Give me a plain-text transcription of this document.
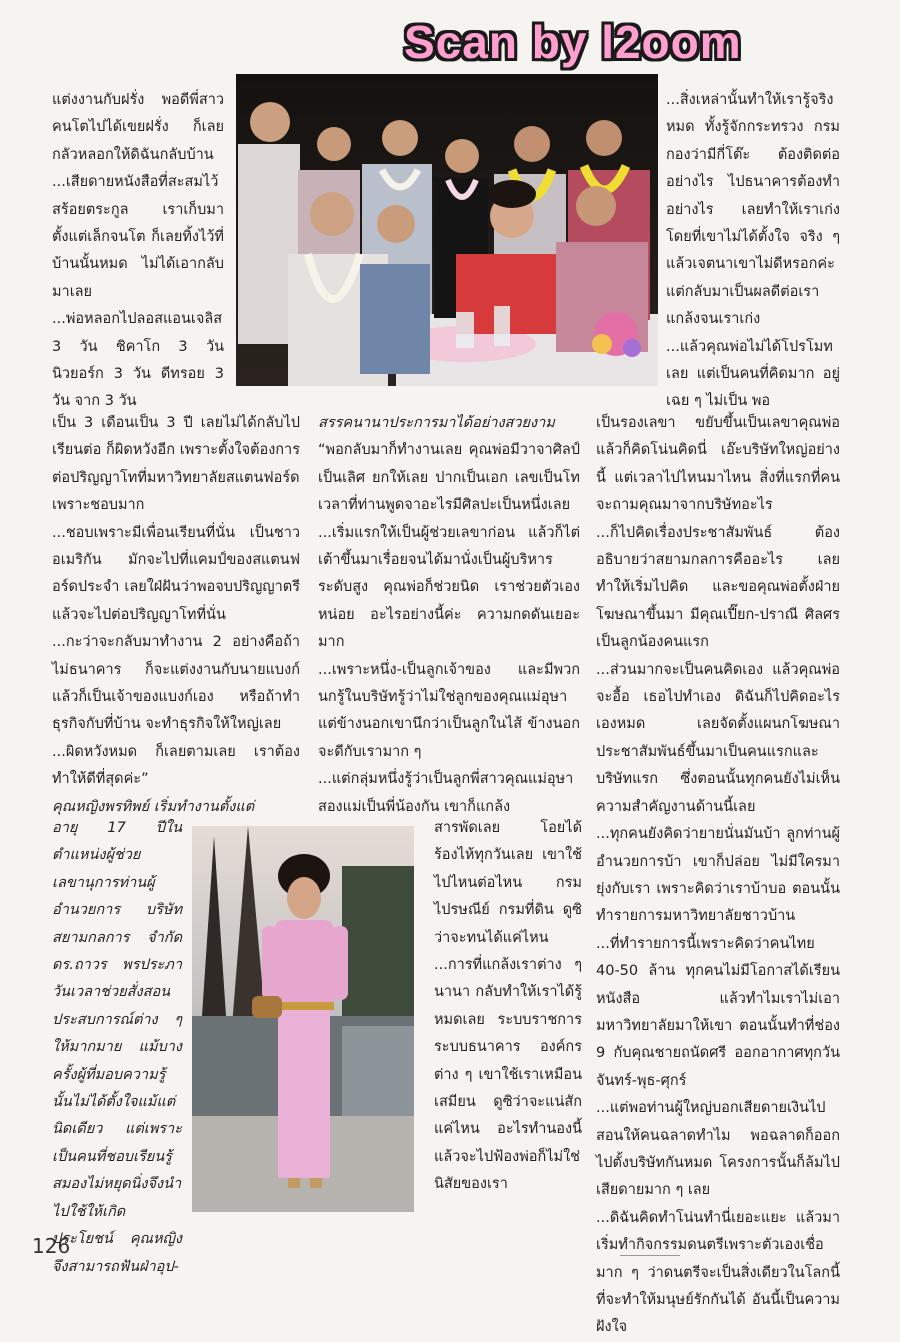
Scan by l2oom

แต่งงานกับฝรั่ง พอดีพี่สาวคนโตไปได้เขยฝรั่ง ก็เลยกลัวหลอกให้ดิฉันกลับบ้าน

...เสียดายหนังสือที่สะสมไว้ สร้อยตระกูล เราเก็บมาตั้งแต่เล็กจนโต ก็เลยทิ้งไว้ที่บ้านนั้นหมด ไม่ได้เอากลับมาเลย

...พ่อหลอกไปลอสแอนเจลิส 3 วัน ชิคาโก 3 วัน นิวยอร์ก 3 วัน ดีทรอย 3 วัน จาก 3 วัน

เป็น 3 เดือนเป็น 3 ปี เลยไม่ได้กลับไปเรียนต่อ ก็ผิดหวังอีก เพราะตั้งใจต้องการต่อปริญญาโทที่มหาวิทยาลัยสแตนฟอร์ด เพราะชอบมาก

...ชอบเพราะมีเพื่อนเรียนที่นั่น เป็นชาวอเมริกัน มักจะไปที่แคมป์ของสแตนฟอร์ดประจำ เลยใฝ่ฝันว่าพอจบปริญญาตรีแล้วจะไปต่อปริญญาโทที่นั่น

...กะว่าจะกลับมาทำงาน 2 อย่างคือถ้าไม่ธนาคาร ก็จะแต่งงานกับนายแบงก์ แล้วก็เป็นเจ้าของแบงก์เอง หรือถ้าทำธุรกิจกับที่บ้าน จะทำธุรกิจให้ใหญ่เลย

...ผิดหวังหมด ก็เลยตามเลย เราต้องทำให้ดีที่สุดค่ะ”

คุณหญิงพรทิพย์ เริ่มทำงานตั้งแต่

อายุ 17 ปีในตำแหน่งผู้ช่วยเลขานุการท่านผู้อำนวยการ บริษัทสยามกลการ จำกัด ดร.ถาวร พรประภา วันเวลาช่วยสั่งสอนประสบการณ์ต่าง ๆ ให้มากมาย แม้บางครั้งผู้ที่มอบความรู้นั้นไม่ได้ตั้งใจแม้แต่นิดเดียว แต่เพราะเป็นคนที่ชอบเรียนรู้ สมองไม่หยุดนิ่งจึงนำไปใช้ให้เกิดประโยชน์ คุณหญิงจึงสามารถฟันฝ่าอุป-

สรรคนานาประการมาได้อย่างสวยงาม

“พอกลับมาก็ทำงานเลย คุณพ่อมีวาจาศิลป์เป็นเลิศ ยกให้เลย ปากเป็นเอก เลขเป็นโท เวลาที่ท่านพูดจาอะไรมีศิลปะเป็นหนึ่งเลย

...เริ่มแรกให้เป็นผู้ช่วยเลขาก่อน แล้วก็ไต่เต้าขึ้นมาเรื่อยจนได้มานั่งเป็นผู้บริหารระดับสูง คุณพ่อก็ช่วยนิด เราช่วยตัวเองหน่อย อะไรอย่างนี้ค่ะ ความกดดันเยอะมาก

...เพราะหนึ่ง-เป็นลูกเจ้าของ และมีพวกนกรู้ในบริษัทรู้ว่าไม่ใช่ลูกของคุณแม่อุษา แต่ข้างนอกเขานึกว่าเป็นลูกในไส้ ข้างนอกจะดีกับเรามาก ๆ

...แต่กลุ่มหนึ่งรู้ว่าเป็นลูกพี่สาวคุณแม่อุษา สองแม่เป็นพี่น้องกัน เขาก็แกล้ง

สารพัดเลย โอยได้ร้องไห้ทุกวันเลย เขาใช้ไปไหนต่อไหน กรมไปรษณีย์ กรมที่ดิน ดูซิว่าจะทนได้แค่ไหน

...การที่แกล้งเราต่าง ๆ นานา กลับทำให้เราได้รู้หมดเลย ระบบราชการ ระบบธนาคาร องค์กรต่าง ๆ เขาใช้เราเหมือนเสมียน ดูซิว่าจะแน่สักแค่ไหน อะไรทำนองนี้ แล้วจะไปฟ้องพ่อก็ไม่ใช่นิสัยของเรา

...สิ่งเหล่านั้นทำให้เรารู้จริงหมด ทั้งรู้จักกระทรวง กรม กองว่ามีกี่โต๊ะ ต้องติดต่ออย่างไร ไปธนาคารต้องทำอย่างไร เลยทำให้เราเก่งโดยที่เขาไม่ได้ตั้งใจ จริง ๆ แล้วเจตนาเขาไม่ดีหรอกค่ะ แต่กลับมาเป็นผลดีต่อเรา แกล้งจนเราเก่ง

...แล้วคุณพ่อไม่ได้โปรโมทเลย แต่เป็นคนที่คิดมาก อยู่เฉย ๆ ไม่เป็น พอ

เป็นรองเลขา ขยับขึ้นเป็นเลขาคุณพ่อ แล้วก็คิดโน่นคิดนี่ เอ๊ะบริษัทใหญ่อย่างนี้ แต่เวลาไปไหนมาไหน สิ่งที่แรกที่คนจะถามคุณมาจากบริษัทอะไร

...ก็ไปคิดเรื่องประชาสัมพันธ์ ต้องอธิบายว่าสยามกลการคืออะไร เลยทำให้เริ่มไปคิด และขอคุณพ่อตั้งฝ่ายโฆษณาขึ้นมา มีคุณเปี๊ยก-ปราณี ศิลศร เป็นลูกน้องคนแรก

...ส่วนมากจะเป็นคนคิดเอง แล้วคุณพ่อจะอื้อ เธอไปทำเอง ดิฉันก็ไปคิดอะไรเองหมด เลยจัดตั้งแผนกโฆษณาประชาสัมพันธ์ขึ้นมาเป็นคนแรกและบริษัทแรก ซึ่งตอนนั้นทุกคนยังไม่เห็นความสำคัญงานด้านนี้เลย

...ทุกคนยังคิดว่ายายนั่นมันบ้า ลูกท่านผู้อำนวยการบ้า เขาก็ปล่อย ไม่มีใครมายุ่งกับเรา เพราะคิดว่าเราบ้าบอ ตอนนั้นทำรายการมหาวิทยาลัยชาวบ้าน

...ที่ทำรายการนี้เพราะคิดว่าคนไทย 40-50 ล้าน ทุกคนไม่มีโอกาสได้เรียนหนังสือ แล้วทำไมเราไม่เอามหาวิทยาลัยมาให้เขา ตอนนั้นทำที่ช่อง 9 กับคุณชายถนัดศรี ออกอากาศทุกวันจันทร์-พุธ-ศุกร์

...แต่พอท่านผู้ใหญ่บอกเสียดายเงินไปสอนให้คนฉลาดทำไม พอฉลาดก็ออกไปตั้งบริษัทกันหมด โครงการนั้นก็ล้มไป เสียดายมาก ๆ เลย

...ดิฉันคิดทำโน่นทำนี่เยอะแยะ แล้วมาเริ่มทำกิจกรรมดนตรีเพราะตัวเองเชื่อมาก ๆ ว่าดนตรีจะเป็นสิ่งเดียวในโลกนี้ที่จะทำให้มนุษย์รักกันได้ อันนี้เป็นความฝังใจ

126
